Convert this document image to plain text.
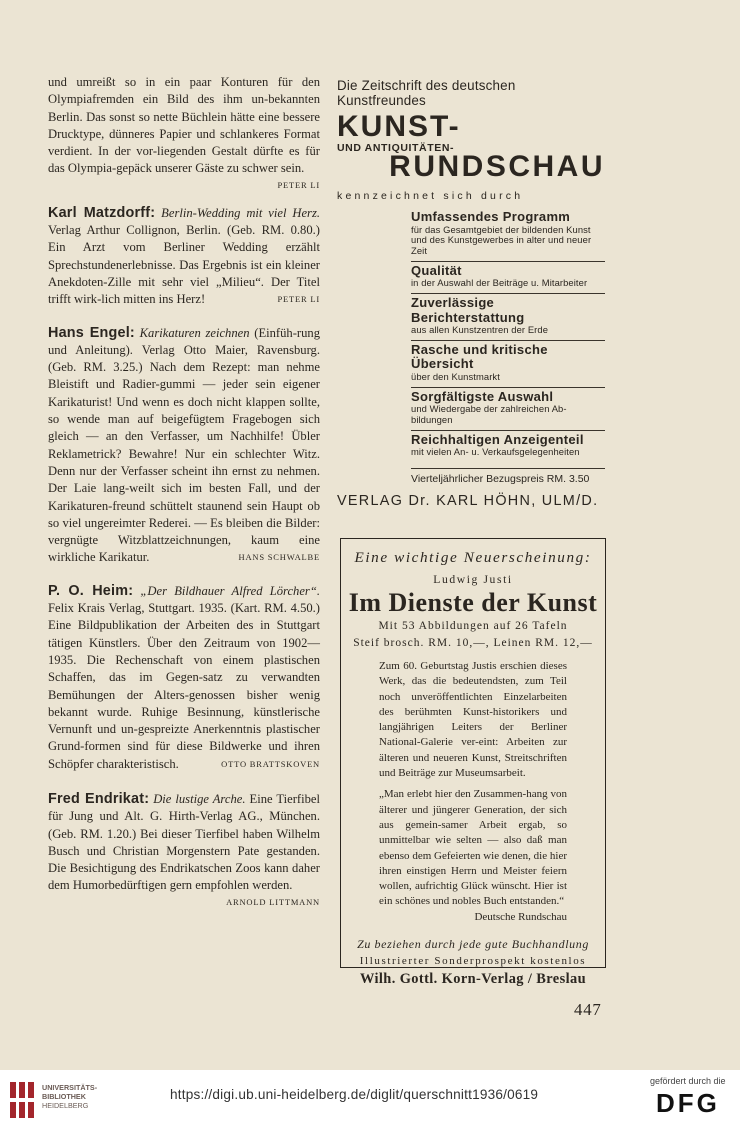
und umreißt so in ein paar Konturen für den Olympiafremden ein Bild des ihm un-bekannten Berlin. Das sonst so nette Büchlein hätte eine bessere Drucktype, dünneres Papier und schlankeres Format verdient. In der vor-liegenden Gestalt dürfte es für das Olympia-gepäck unserer Gäste zu schwer sein.

PETER LI

Karl Matzdorff: Berlin-Wedding mit viel Herz. Verlag Arthur Collignon, Berlin. (Geb. RM. 0.80.) Ein Arzt vom Berliner Wedding erzählt Sprechstundenerlebnisse. Das Ergebnis ist ein kleiner Anekdoten-Zille mit sehr viel „Milieu“. Der Titel trifft wirk-lich mitten ins Herz!	PETER LI

Hans Engel: Karikaturen zeichnen (Einfüh-rung und Anleitung). Verlag Otto Maier, Ravensburg. (Geb. RM. 3.25.) Nach dem Rezept: man nehme Bleistift und Radier-gummi — jeder sein eigener Karikaturist! Und wenn es doch nicht klappen sollte, so wende man auf beigefügtem Fragebogen sich gleich — an den Verfasser, um Nachhilfe! Übler Reklametrick? Bewahre! Nur ein schlechter Witz. Denn nur der Verfasser scheint ihn ernst zu nehmen. Der Laie lang-weilt sich im besten Fall, und der Karikaturen-freund schüttelt staunend sein Haupt ob so viel ungereimter Rederei. — Es bleiben die Bilder: vergnügte Witzblattzeichnungen, kaum eine wirkliche Karikatur.	HANS SCHWALBE

P. O. Heim: „Der Bildhauer Alfred Lörcher“. Felix Krais Verlag, Stuttgart. 1935. (Kart. RM. 4.50.) Eine Bildpublikation der Arbeiten des in Stuttgart tätigen Künstlers. Über den Zeitraum von 1902—1935. Die Rechenschaft von einem plastischen Schaffen, das im Gegen-satz zu verwandten Bemühungen der Alters-genossen bisher wenig bekannt wurde. Ruhige Besinnung, künstlerische Vernunft und un-gespreizte Anerkenntnis plastischer Grund-formen sind für diese Bildwerke und ihren Schöpfer charakteristisch.	OTTO BRATTSKOVEN

Fred Endrikat: Die lustige Arche. Eine Tierfibel für Jung und Alt. G. Hirth-Verlag AG., München. (Geb. RM. 1.20.) Bei dieser Tierfibel haben Wilhelm Busch und Christian Morgenstern Pate gestanden. Die Besichtigung des Endrikatschen Zoos kann daher dem Humorbedürftigen gern empfohlen werden.

ARNOLD LITTMANN
Die Zeitschrift des deutschen Kunstfreundes
KUNST-
UND ANTIQUITÄTEN-
RUNDSCHAU
kennzeichnet sich durch
Umfassendes Programm
für das Gesamtgebiet der bildenden Kunst und des Kunstgewerbes in alter und neuer Zeit
Qualität
in der Auswahl der Beiträge u. Mitarbeiter
Zuverlässige Berichterstattung
aus allen Kunstzentren der Erde
Rasche und kritische Übersicht
über den Kunstmarkt
Sorgfältigste Auswahl
und Wiedergabe der zahlreichen Ab-bildungen
Reichhaltigen Anzeigenteil
mit vielen An- u. Verkaufsgelegenheiten
Vierteljährlicher Bezugspreis RM. 3.50
VERLAG Dr. KARL HÖHN, ULM/D.
Eine wichtige Neuerscheinung:
Ludwig Justi
Im Dienste der Kunst
Mit 53 Abbildungen auf 26 Tafeln
Steif brosch. RM. 10,—, Leinen RM. 12,—

Zum 60. Geburtstag Justis erschien dieses Werk, das die bedeutendsten, zum Teil noch unveröffentlichten Einzelarbeiten des berühmten Kunst-historikers und langjährigen Leiters der Berliner National-Galerie ver-eint: Arbeiten zur älteren und neueren Kunst, Streitschriften und Beiträge zur Museumsarbeit.

„Man erlebt hier den Zusammen-hang von älterer und jüngerer Generation, der sich aus gemein-samer Arbeit ergab, so unmittelbar wie selten — also daß man ebenso dem Gefeierten wie denen, die hier ihren einstigen Herrn und Meister feiern wollen, aufrichtig Glück wünscht. Hier ist ein schönes und nobles Buch entstanden.“

Deutsche Rundschau

Zu beziehen durch jede gute Buchhandlung
Illustrierter Sonderprospekt kostenlos
Wilh. Gottl. Korn-Verlag / Breslau
447
UNIVERSITÄTS-
BIBLIOTHEK
HEIDELBERG
https://digi.ub.uni-heidelberg.de/diglit/querschnitt1936/0619
gefördert durch die
DFG
